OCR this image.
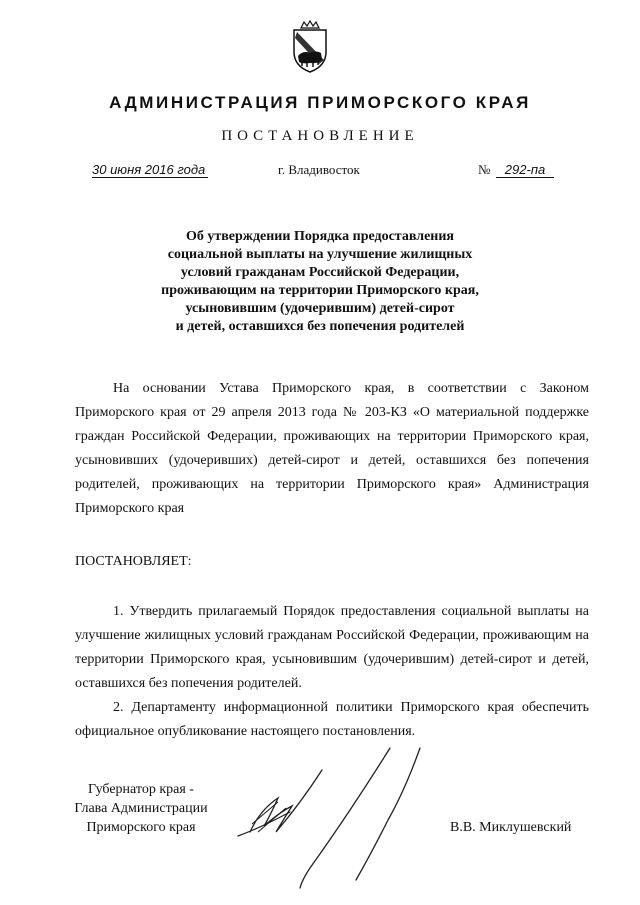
АДМИНИСТРАЦИЯ ПРИМОРСКОГО КРАЯ
ПОСТАНОВЛЕНИЕ
30 июня 2016 года	г. Владивосток	№	292-па
Об утверждении Порядка предоставления
социальной выплаты на улучшение жилищных
условий гражданам Российской Федерации,
проживающим на территории Приморского края,
усыновившим (удочерившим) детей-сирот
и детей, оставшихся без попечения родителей
На основании Устава Приморского края, в соответствии с Законом Приморского края от 29 апреля 2013 года № 203-КЗ «О материальной поддержке граждан Российской Федерации, проживающих на территории Приморского края, усыновивших (удочеривших) детей-сирот и детей, оставшихся без попечения родителей, проживающих на территории Приморского края» Администрация Приморского края
ПОСТАНОВЛЯЕТ:
1. Утвердить прилагаемый Порядок предоставления социальной выплаты на улучшение жилищных условий гражданам Российской Федерации, проживающим на территории Приморского края, усыновившим (удочерившим) детей-сирот и детей, оставшихся без попечения родителей.
2. Департаменту информационной политики Приморского края обеспечить официальное опубликование настоящего постановления.
Губернатор края -
Глава Администрации
Приморского края	В.В. Миклушевский
